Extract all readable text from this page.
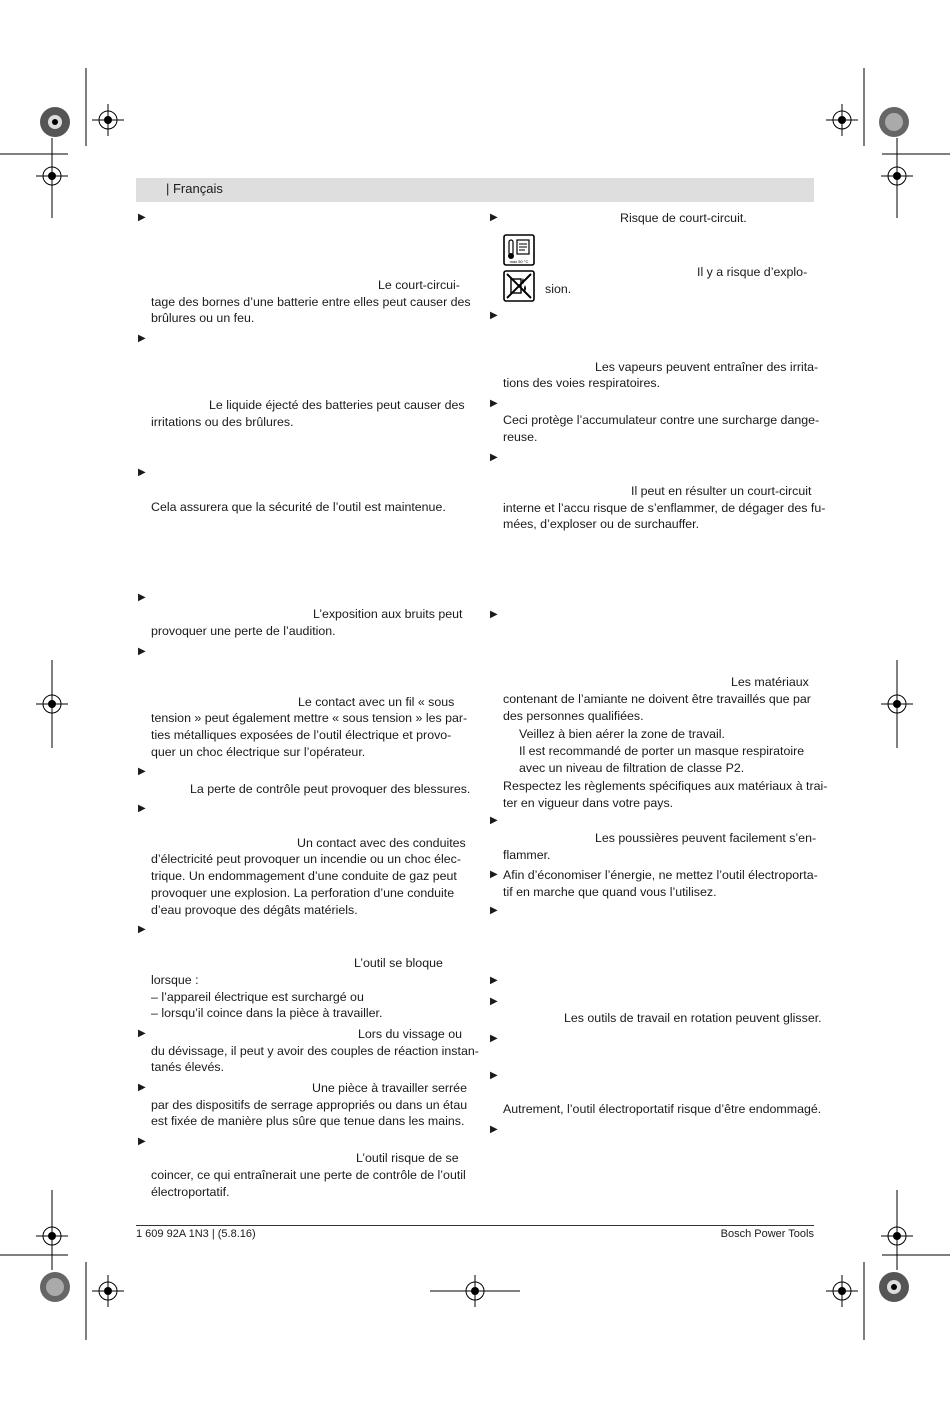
| Français
▶
Le court-circui-
tage des bornes d’une batterie entre elles peut causer des
brûlures ou un feu.
▶
Le liquide éjecté des batteries peut causer des
irritations ou des brûlures.
▶
Cela assurera que la sécurité de l’outil est maintenue.
▶
L’exposition aux bruits peut
provoquer une perte de l’audition.
▶
Le contact avec un fil « sous
tension » peut également mettre « sous tension » les par-
ties métalliques exposées de l’outil électrique et provo-
quer un choc électrique sur l’opérateur.
▶
La perte de contrôle peut provoquer des blessures.
▶
Un contact avec des conduites
d’électricité peut provoquer un incendie ou un choc élec-
trique. Un endommagement d’une conduite de gaz peut
provoquer une explosion. La perforation d’une conduite
d’eau provoque des dégâts matériels.
▶
L’outil se bloque
lorsque :
– l’appareil électrique est surchargé ou
– lorsqu’il coince dans la pièce à travailler.
▶	Lors du vissage ou
du dévissage, il peut y avoir des couples de réaction instan-
tanés élevés.
▶	Une pièce à travailler serrée
par des dispositifs de serrage appropriés ou dans un étau
est fixée de manière plus sûre que tenue dans les mains.
▶
L’outil risque de se
coincer, ce qui entraînerait une perte de contrôle de l’outil
électroportatif.
▶	Risque de court-circuit.
max 50 °C
Il y a risque d’explo-
sion.
▶
Les vapeurs peuvent entraîner des irrita-
tions des voies respiratoires.
▶
Ceci protège l’accumulateur contre une surcharge dange-
reuse.
▶
Il peut en résulter un court-circuit
interne et l’accu risque de s’enflammer, de dégager des fu-
mées, d’exploser ou de surchauffer.
▶
Les matériaux
contenant de l’amiante ne doivent être travaillés que par
des personnes qualifiées.
Veillez à bien aérer la zone de travail.
Il est recommandé de porter un masque respiratoire
avec un niveau de filtration de classe P2.
Respectez les règlements spécifiques aux matériaux à trai-
ter en vigueur dans votre pays.
▶
Les poussières peuvent facilement s’en-
flammer.
▶ Afin d’économiser l’énergie, ne mettez l’outil électroporta-
tif en marche que quand vous l’utilisez.
▶
▶
▶
Les outils de travail en rotation peuvent glisser.
▶
▶
Autrement, l’outil électroportatif risque d’être endommagé.
▶
1 609 92A 1N3 | (5.8.16)	Bosch Power Tools
